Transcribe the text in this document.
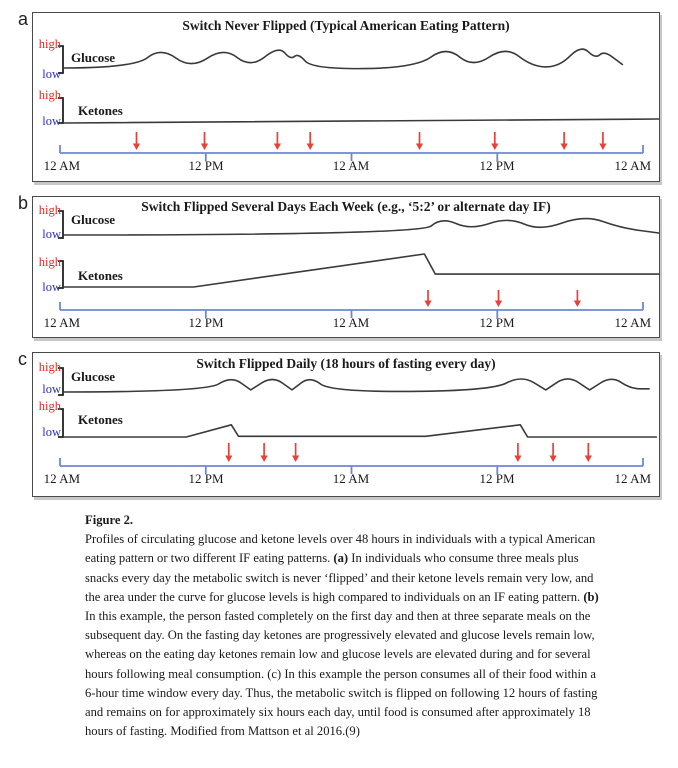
a	Switch Never Flipped (Typical American Eating Pattern)
high
low
Glucose
high
low
Ketones
12 AM	12 PM	12 AM	12 PM	12 AM
b	Switch Flipped Several Days Each Week (e.g., ‘5:2’ or alternate day IF)
high
low
Glucose
high
low
Ketones
12 AM	12 PM	12 AM	12 PM	12 AM
c	Switch Flipped Daily (18 hours of fasting every day)
high
low
Glucose
high
low
Ketones
12 AM	12 PM	12 AM	12 PM	12 AM
Figure 2.
Profiles of circulating glucose and ketone levels over 48 hours in individuals with a typical American eating pattern or two different IF eating patterns. (a) In individuals who consume three meals plus snacks every day the metabolic switch is never ‘flipped’ and their ketone levels remain very low, and the area under the curve for glucose levels is high compared to individuals on an IF eating pattern. (b) In this example, the person fasted completely on the first day and then at three separate meals on the subsequent day. On the fasting day ketones are progressively elevated and glucose levels remain low, whereas on the eating day ketones remain low and glucose levels are elevated during and for several hours following meal consumption. (c) In this example the person consumes all of their food within a 6-hour time window every day. Thus, the metabolic switch is flipped on following 12 hours of fasting and remains on for approximately six hours each day, until food is consumed after approximately 18 hours of fasting. Modified from Mattson et al 2016.(9)
